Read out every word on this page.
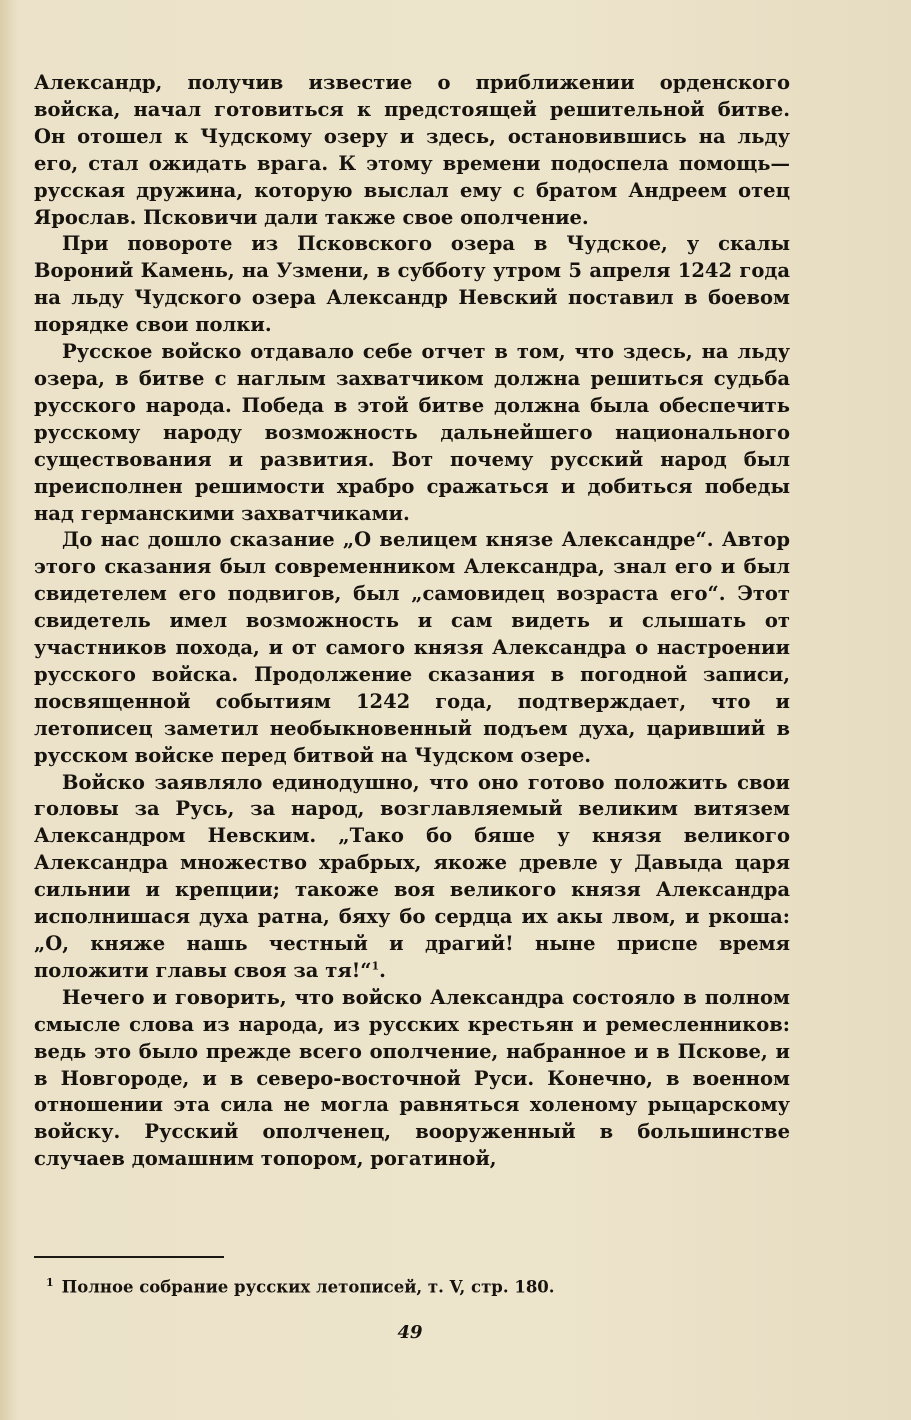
Александр, получив известие о приближении орденского войска, начал готовиться к предстоящей решительной битве. Он отошел к Чудскому озеру и здесь, остановившись на льду его, стал ожидать врага. К этому времени подоспела помощь— русская дружина, которую выслал ему с братом Андреем отец Ярослав. Псковичи дали также свое ополчение.

При повороте из Псковского озера в Чудское, у скалы Вороний Камень, на Узмени, в субботу утром 5 апреля 1242 года на льду Чудского озера Александр Невский поставил в боевом порядке свои полки.

Русское войско отдавало себе отчет в том, что здесь, на льду озера, в битве с наглым захватчиком должна решиться судьба русского народа. Победа в этой битве должна была обеспечить русскому народу возможность дальнейшего национального существования и развития. Вот почему русский народ был преисполнен решимости храбро сражаться и добиться победы над германскими захватчиками.

До нас дошло сказание „О велицем князе Александре“. Автор этого сказания был современником Александра, знал его и был свидетелем его подвигов, был „самовидец возраста его“. Этот свидетель имел возможность и сам видеть и слышать от участников похода, и от самого князя Александра о настроении русского войска. Продолжение сказания в погодной записи, посвященной событиям 1242 года, подтверждает, что и летописец заметил необыкновенный подъем духа, царивший в русском войске перед битвой на Чудском озере.

Войско заявляло единодушно, что оно готово положить свои головы за Русь, за народ, возглавляемый великим витязем Александром Невским. „Тако бо бяше у князя великого Александра множество храбрых, якоже древле у Давыда царя сильнии и крепции; такоже воя великого князя Александра исполнишася духа ратна, бяху бо сердца их акы лвом, и ркоша: „О, княже нашь честный и драгий! ныне приспе время положити главы своя за тя!“$^1$.

Нечего и говорить, что войско Александра состояло в полном смысле слова из народа, из русских крестьян и ремесленников: ведь это было прежде всего ополчение, набранное и в Пскове, и в Новгороде, и в северо-восточной Руси. Конечно, в военном отношении эта сила не могла равняться холеному рыцарскому войску. Русский ополченец, вооруженный в большинстве случаев домашним топором, рогатиной,

$^1$ Полное собрание русских летописей, т. V, стр. 180.
49
